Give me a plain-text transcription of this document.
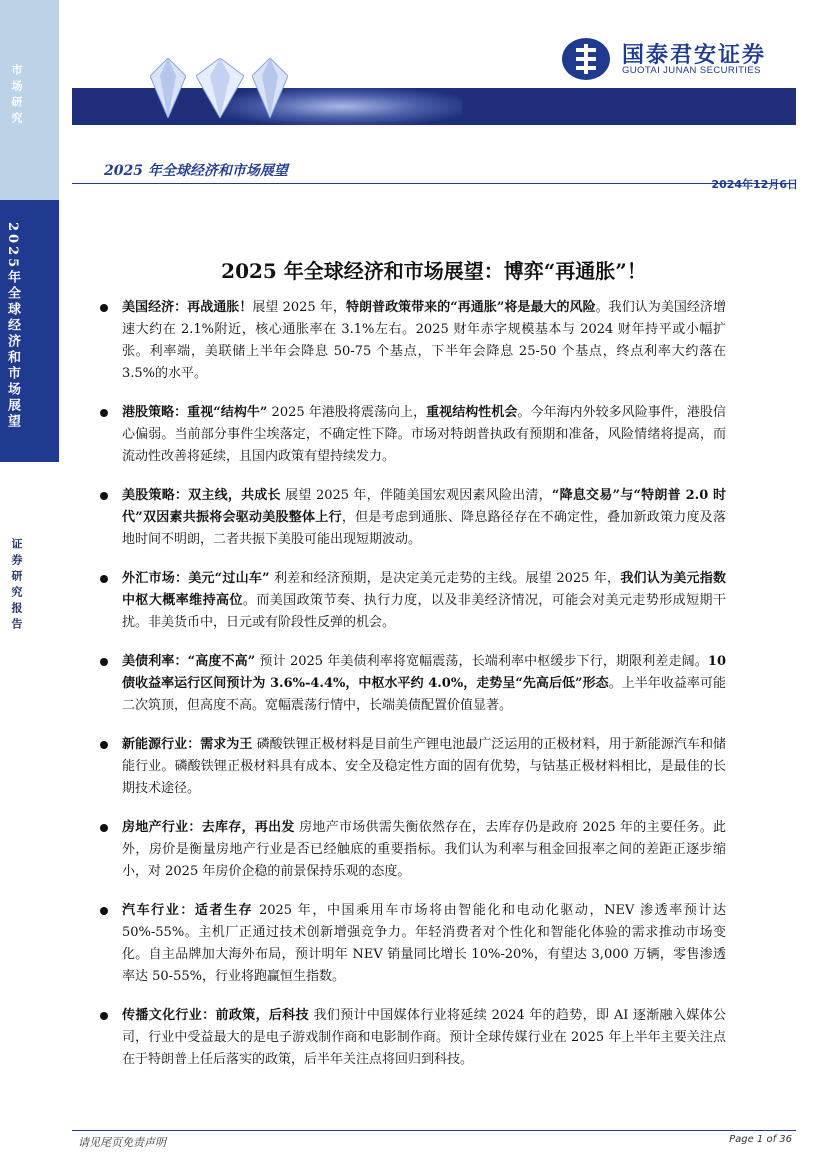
市场研究
2025年全球经济和市场展望
证券研究报告
国泰君安证券
GUOTAI JUNAN SECURITIES
2025 年全球经济和市场展望
2024年12月6日
2025 年全球经济和市场展望：博弈“再通胀”！
美国经济：再战通胀！展望 2025 年，特朗普政策带来的“再通胀”将是最大的风险。我们认为美国经济增速大约在 2.1%附近，核心通胀率在 3.1%左右。2025 财年赤字规模基本与 2024 财年持平或小幅扩张。利率端，美联储上半年会降息 50-75 个基点，下半年会降息 25-50 个基点，终点利率大约落在 3.5%的水平。
港股策略：重视“结构牛” 2025 年港股将震荡向上，重视结构性机会。今年海内外较多风险事件，港股信心偏弱。当前部分事件尘埃落定，不确定性下降。市场对特朗普执政有预期和准备，风险情绪将提高，而流动性改善将延续，且国内政策有望持续发力。
美股策略：双主线，共成长 展望 2025 年，伴随美国宏观因素风险出清，“降息交易”与“特朗普 2.0 时代”双因素共振将会驱动美股整体上行，但是考虑到通胀、降息路径存在不确定性，叠加新政策力度及落地时间不明朗，二者共振下美股可能出现短期波动。
外汇市场：美元“过山车” 利差和经济预期，是决定美元走势的主线。展望 2025 年，我们认为美元指数中枢大概率维持高位。而美国政策节奏、执行力度，以及非美经济情况，可能会对美元走势形成短期干扰。非美货币中，日元或有阶段性反弹的机会。
美债利率：“高度不高” 预计 2025 年美债利率将宽幅震荡，长端利率中枢缓步下行，期限利差走阔。10 债收益率运行区间预计为 3.6%-4.4%，中枢水平约 4.0%，走势呈“先高后低”形态。上半年收益率可能二次筑顶，但高度不高。宽幅震荡行情中，长端美债配置价值显著。
新能源行业：需求为王 磷酸铁锂正极材料是目前生产锂电池最广泛运用的正极材料，用于新能源汽车和储能行业。磷酸铁锂正极材料具有成本、安全及稳定性方面的固有优势，与钴基正极材料相比，是最佳的长期技术途径。
房地产行业：去库存，再出发 房地产市场供需失衡依然存在，去库存仍是政府 2025 年的主要任务。此外，房价是衡量房地产行业是否已经触底的重要指标。我们认为利率与租金回报率之间的差距正逐步缩小，对 2025 年房价企稳的前景保持乐观的态度。
汽车行业：适者生存 2025 年，中国乘用车市场将由智能化和电动化驱动，NEV 渗透率预计达 50%-55%。主机厂正通过技术创新增强竞争力。年轻消费者对个性化和智能化体验的需求推动市场变化。自主品牌加大海外布局，预计明年 NEV 销量同比增长 10%-20%，有望达 3,000 万辆，零售渗透率达 50-55%，行业将跑赢恒生指数。
传播文化行业：前政策，后科技 我们预计中国媒体行业将延续 2024 年的趋势，即 AI 逐渐融入媒体公司，行业中受益最大的是电子游戏制作商和电影制作商。预计全球传媒行业在 2025 年上半年主要关注点在于特朗普上任后落实的政策，后半年关注点将回归到科技。
请见尾页免责声明	Page 1 of 36
